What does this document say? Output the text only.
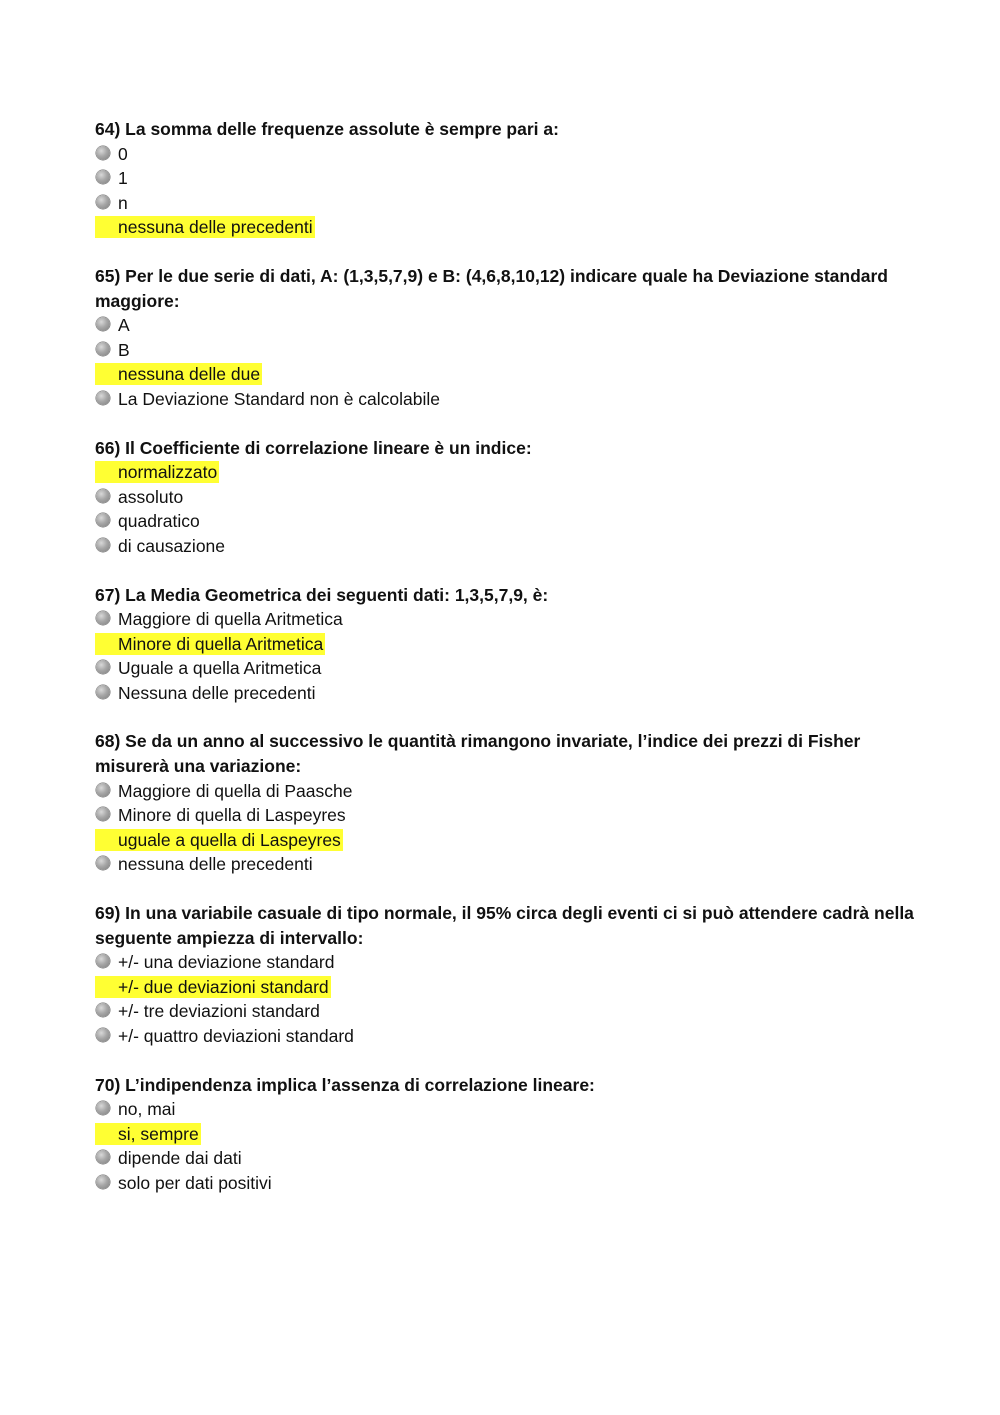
64) La somma delle frequenze assolute è sempre pari a:

0
1
n
nessuna delle precedenti

65) Per le due serie di dati, A: (1,3,5,7,9) e B: (4,6,8,10,12) indicare quale ha Deviazione standard maggiore:

A
B
nessuna delle due
La Deviazione Standard non è calcolabile

66) Il Coefficiente di correlazione lineare è un indice:

normalizzato
assoluto
quadratico
di causazione

67) La Media Geometrica dei seguenti dati: 1,3,5,7,9, è:

Maggiore di quella Aritmetica
Minore di quella Aritmetica
Uguale a quella Aritmetica
Nessuna delle precedenti

68) Se da un anno al successivo le quantità rimangono invariate, l’indice dei prezzi di Fisher misurerà una variazione:

Maggiore di quella di Paasche
Minore di quella di Laspeyres
uguale a quella di Laspeyres
nessuna delle precedenti

69) In una variabile casuale di tipo normale, il 95% circa degli eventi ci si può attendere cadrà nella seguente ampiezza di intervallo:

+/- una deviazione standard
+/- due deviazioni standard
+/- tre deviazioni standard
+/- quattro deviazioni standard

70) L’indipendenza implica l’assenza di correlazione lineare:

no, mai
si, sempre
dipende dai dati
solo per dati positivi
